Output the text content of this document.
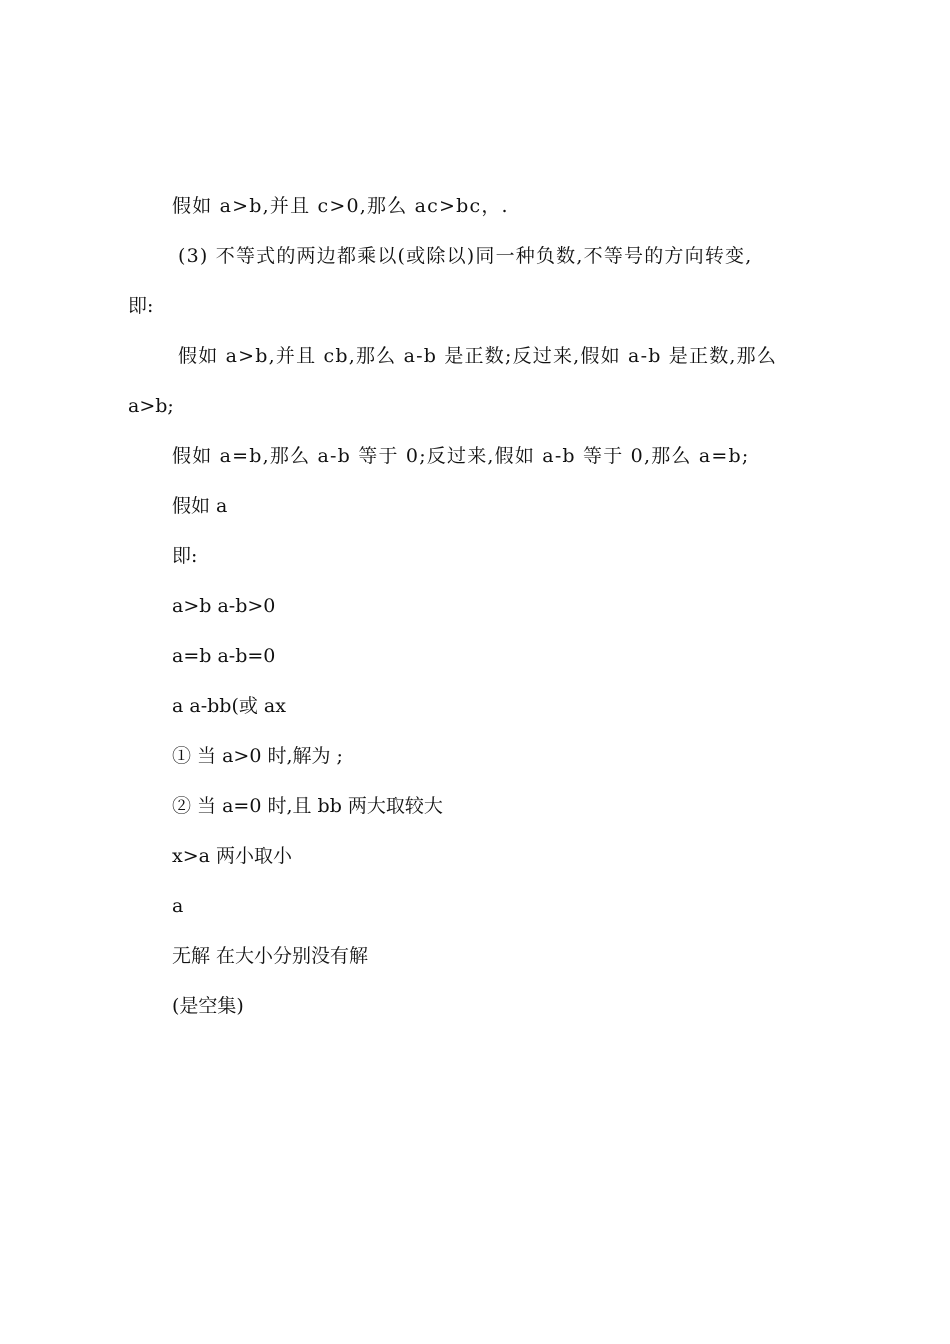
假如 a>b,并且 c>0,那么 ac>bc，.
(3) 不等式的两边都乘以(或除以)同一种负数,不等号的方向转变,
即:
假如 a>b,并且 cb,那么 a-b 是正数;反过来,假如 a-b 是正数,那么
a>b;
假如 a=b,那么 a-b 等于 0;反过来,假如 a-b 等于 0,那么 a=b;
假如 a
即:
a>b a-b>0
a=b a-b=0
a a-bb(或 ax
① 当 a>0 时,解为 ;
② 当 a=0 时,且 bb 两大取较大
x>a 两小取小
a
无解 在大小分别没有解
(是空集)
